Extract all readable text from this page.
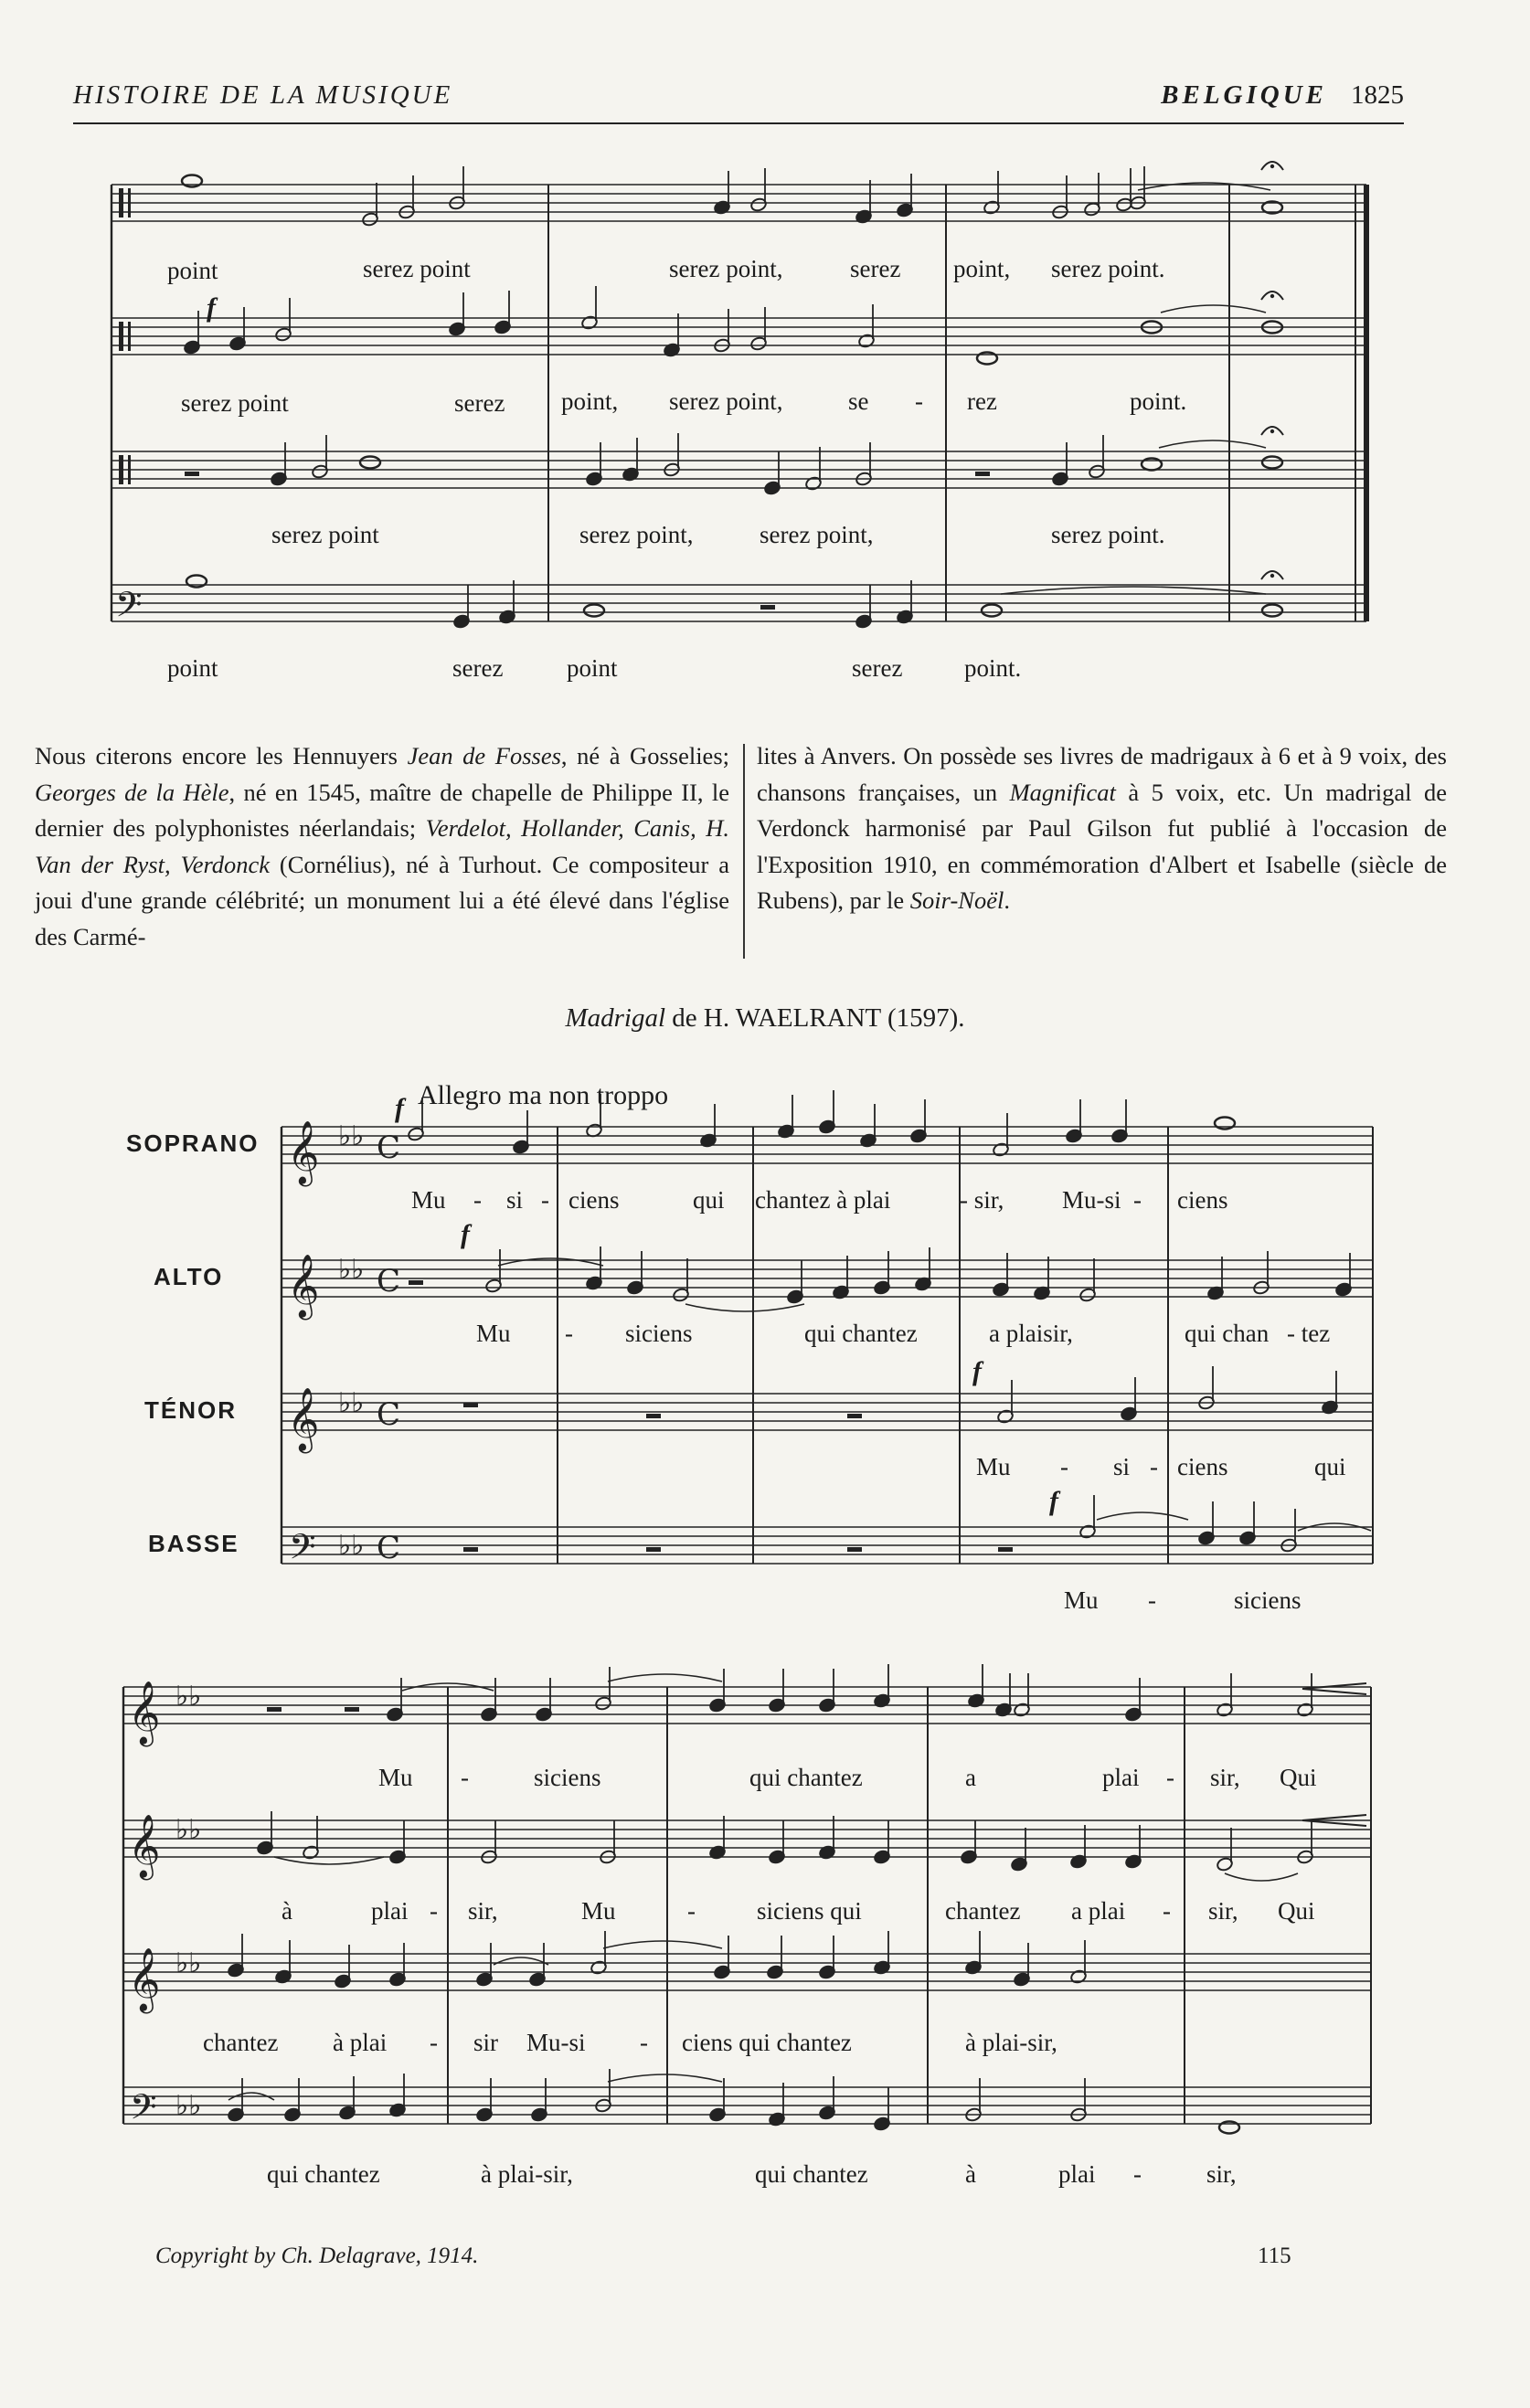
HISTOIRE DE LA MUSIQUE	BELGIQUE 1825
𝄢
𝄞 ♭♭ C
𝄞 ♭♭ C
𝄞 ♭♭ C
𝄢 ♭♭ C
𝄞 ♭♭
𝄞 ♭♭
𝄞 ♭♭
𝄢 ♭♭
point	serez point	serez point,	serez point, serez point.
serez point	serez point, serez point,	se - rez	point.
serez point	serez point,	serez point,	serez point.
point	serez	point	serez	point.
Nous citerons encore les Hennuyers Jean de Fosses, né à Gosselies; Georges de la Hèle, né en 1545, maître de chapelle de Philippe II, le dernier des polyphonistes néerlandais; Verdelot, Hollander, Canis, H. Van der Ryst, Verdonck (Cornélius), né à Turhout. Ce compositeur a joui d'une grande célébrité; un monument lui a été élevé dans l'église des Carmé-
lites à Anvers. On possède ses livres de madrigaux à 6 et à 9 voix, des chansons françaises, un Magnificat à 5 voix, etc. Un madrigal de Verdonck harmonisé par Paul Gilson fut publié à l'occasion de l'Exposition 1910, en commémoration d'Albert et Isabelle (siècle de Rubens), par le Soir-Noël.
Madrigal de H. WAELRANT (1597).
Allegro ma non troppo
SOPRANO
ALTO
TÉNOR
BASSE
f
f
f
f
f
Mu - si - ciens	qui chantez à plai	- sir, Mu-si - ciens
Mu - siciens	qui chantez	a plaisir,	qui chan - tez
Mu - si - ciens	qui
Mu -	siciens
Mu -	siciens	qui chantez	a	plai - sir, Qui
à	plai - sir,	Mu	- siciens qui	chantez a plai - sir, Qui
chantez à plai - sir Mu-si - ciens qui chantez	à plai-sir,
qui chantez	à plai-sir,	qui chantez	à	plai -	sir,
Copyright by Ch. Delagrave, 1914.	115
